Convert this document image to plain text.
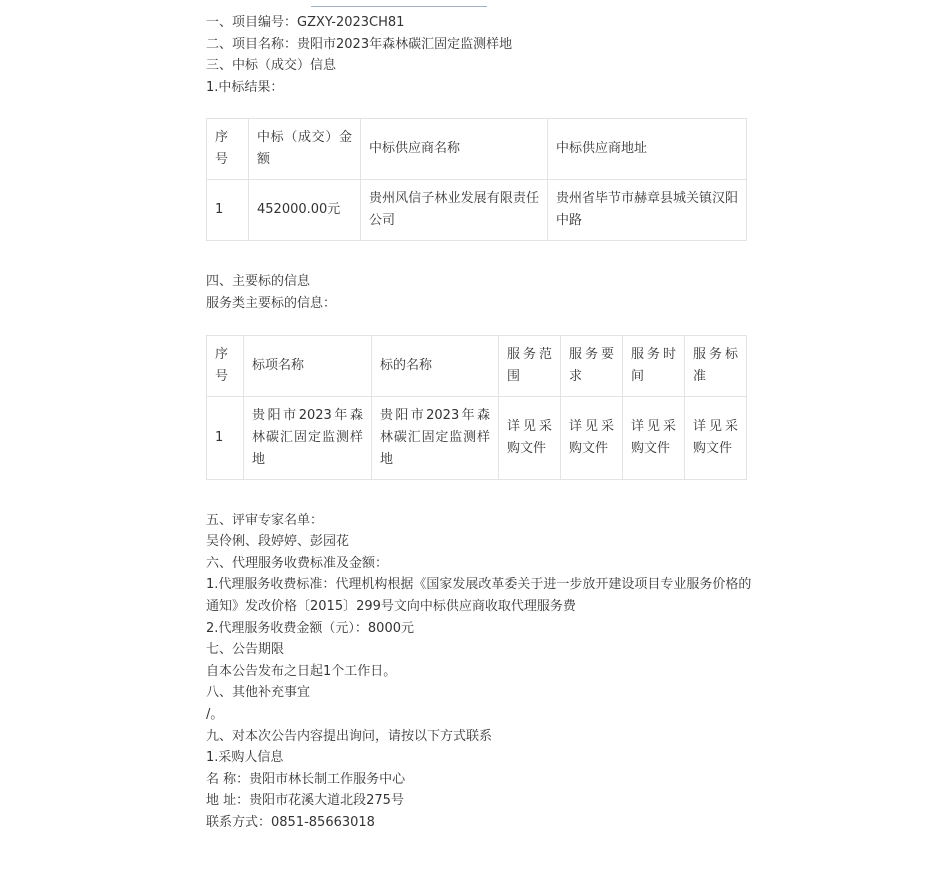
一、项目编号：GZXY-2023CH81
二、项目名称：贵阳市2023年森林碳汇固定监测样地
三、中标（成交）信息
1.中标结果：
序号	中标（成交）金额	中标供应商名称	中标供应商地址
1	452000.00元	贵州风信子林业发展有限责任公司	贵州省毕节市赫章县城关镇汉阳中路
四、主要标的信息
服务类主要标的信息：
序号	标项名称	标的名称	服务范围	服务要求	服务时间	服务标准
1	贵阳市2023年森林碳汇固定监测样地	贵阳市2023年森林碳汇固定监测样地	详见采购文件	详见采购文件	详见采购文件	详见采购文件
五、评审专家名单：
吴伶俐、段婷婷、彭园花
六、代理服务收费标准及金额：
1.代理服务收费标准：代理机构根据《国家发展改革委关于进一步放开建设项目专业服务价格的
通知》发改价格〔2015〕299号文向中标供应商收取代理服务费
2.代理服务收费金额（元）：8000元
七、公告期限
自本公告发布之日起1个工作日。
八、其他补充事宜
/。
九、对本次公告内容提出询问，请按以下方式联系
1.采购人信息
名 称：贵阳市林长制工作服务中心
地 址：贵阳市花溪大道北段275号
联系方式：0851-85663018
